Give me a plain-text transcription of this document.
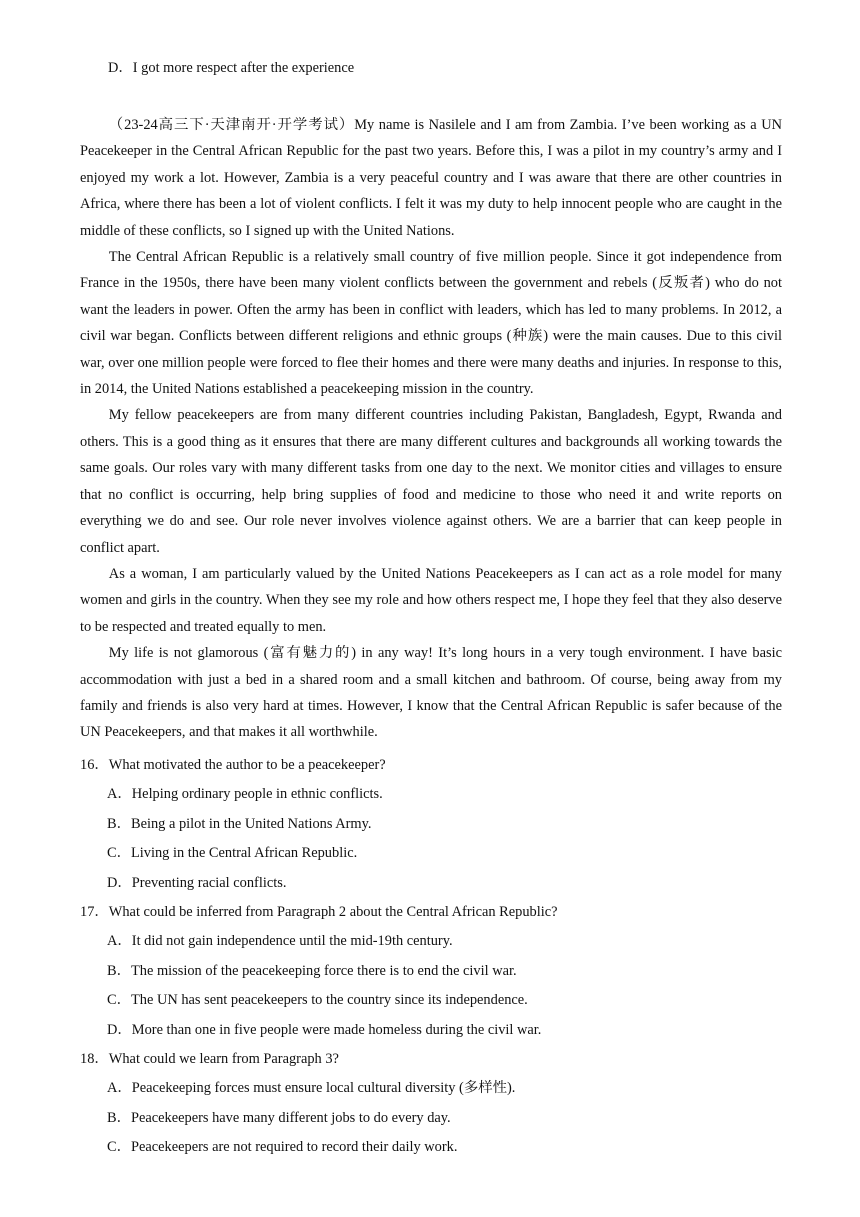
D．I got more respect after the experience

（23-24高三下·天津南开·开学考试）My name is Nasilele and I am from Zambia. I’ve been working as a UN Peacekeeper in the Central African Republic for the past two years. Before this, I was a pilot in my country’s army and I enjoyed my work a lot. However, Zambia is a very peaceful country and I was aware that there are other countries in Africa, where there has been a lot of violent conflicts. I felt it was my duty to help innocent people who are caught in the middle of these conflicts, so I signed up with the United Nations.

The Central African Republic is a relatively small country of five million people. Since it got independence from France in the 1950s, there have been many violent conflicts between the government and rebels (反叛者) who do not want the leaders in power. Often the army has been in conflict with leaders, which has led to many problems. In 2012, a civil war began. Conflicts between different religions and ethnic groups (种族) were the main causes. Due to this civil war, over one million people were forced to flee their homes and there were many deaths and injuries. In response to this, in 2014, the United Nations established a peacekeeping mission in the country.

My fellow peacekeepers are from many different countries including Pakistan, Bangladesh, Egypt, Rwanda and others. This is a good thing as it ensures that there are many different cultures and backgrounds all working towards the same goals. Our roles vary with many different tasks from one day to the next. We monitor cities and villages to ensure that no conflict is occurring, help bring supplies of food and medicine to those who need it and write reports on everything we do and see. Our role never involves violence against others. We are a barrier that can keep people in conflict apart.

As a woman, I am particularly valued by the United Nations Peacekeepers as I can act as a role model for many women and girls in the country. When they see my role and how others respect me, I hope they feel that they also deserve to be respected and treated equally to men.

My life is not glamorous (富有魅力的) in any way! It’s long hours in a very tough environment. I have basic accommodation with just a bed in a shared room and a small kitchen and bathroom. Of course, being away from my family and friends is also very hard at times. However, I know that the Central African Republic is safer because of the UN Peacekeepers, and that makes it all worthwhile.

16．What motivated the author to be a peacekeeper?
A．Helping ordinary people in ethnic conflicts.
B．Being a pilot in the United Nations Army.
C．Living in the Central African Republic.
D．Preventing racial conflicts.
17．What could be inferred from Paragraph 2 about the Central African Republic?
A．It did not gain independence until the mid-19th century.
B．The mission of the peacekeeping force there is to end the civil war.
C．The UN has sent peacekeepers to the country since its independence.
D．More than one in five people were made homeless during the civil war.
18．What could we learn from Paragraph 3?
A．Peacekeeping forces must ensure local cultural diversity (多样性).
B．Peacekeepers have many different jobs to do every day.
C．Peacekeepers are not required to record their daily work.
